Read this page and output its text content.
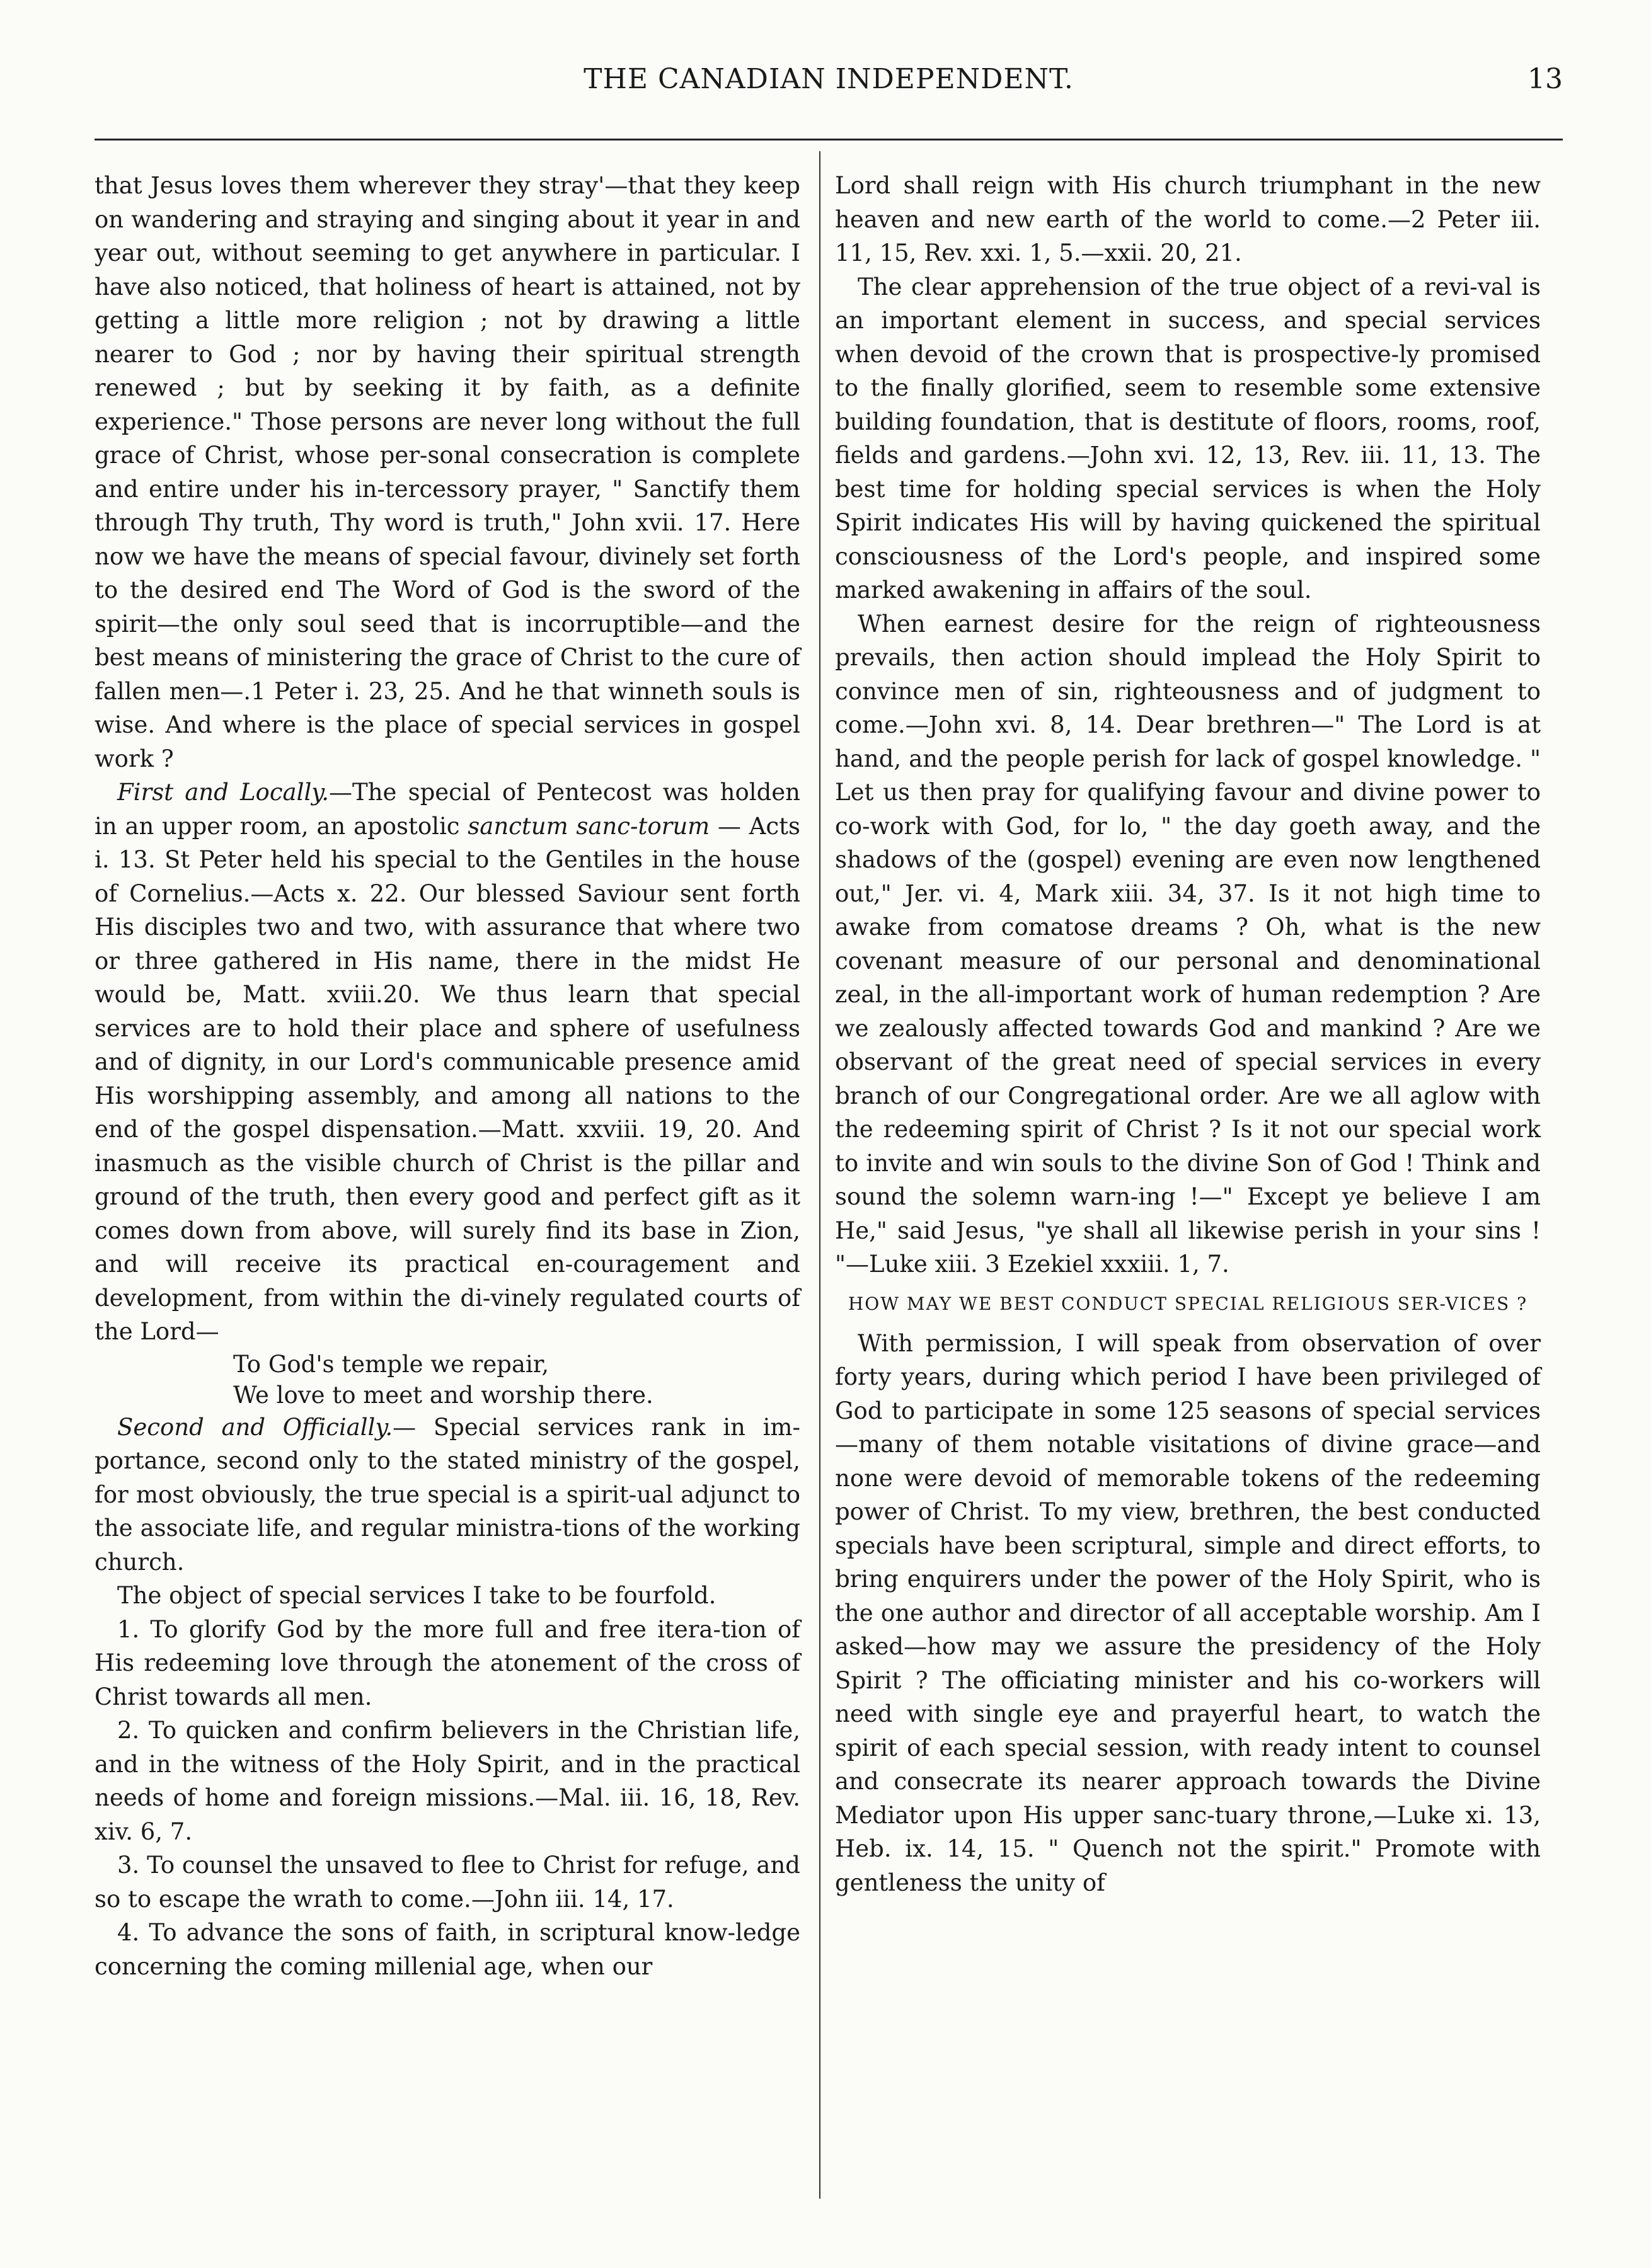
THE CANADIAN INDEPENDENT.	13

that Jesus loves them wherever they stray'—that they keep on wandering and straying and singing about it year in and year out, without seeming to get anywhere in particular. I have also noticed, that holiness of heart is attained, not by getting a little more religion ; not by drawing a little nearer to God ; nor by having their spiritual strength renewed ; but by seeking it by faith, as a definite experience." Those persons are never long without the full grace of Christ, whose per-sonal consecration is complete and entire under his in-tercessory prayer, " Sanctify them through Thy truth, Thy word is truth," John xvii. 17. Here now we have the means of special favour, divinely set forth to the desired end The Word of God is the sword of the spirit—the only soul seed that is incorruptible—and the best means of ministering the grace of Christ to the cure of fallen men—.1 Peter i. 23, 25. And he that winneth souls is wise. And where is the place of special services in gospel work ?

First and Locally.—The special of Pentecost was holden in an upper room, an apostolic sanctum sanc-torum — Acts i. 13. St Peter held his special to the Gentiles in the house of Cornelius.—Acts x. 22. Our blessed Saviour sent forth His disciples two and two, with assurance that where two or three gathered in His name, there in the midst He would be, Matt. xviii.20. We thus learn that special services are to hold their place and sphere of usefulness and of dignity, in our Lord's communicable presence amid His worshipping assembly, and among all nations to the end of the gospel dispensation.—Matt. xxviii. 19, 20. And inasmuch as the visible church of Christ is the pillar and ground of the truth, then every good and perfect gift as it comes down from above, will surely find its base in Zion, and will receive its practical en-couragement and development, from within the di-vinely regulated courts of the Lord—

To God's temple we repair,
We love to meet and worship there.

Second and Officially.— Special services rank in im-portance, second only to the stated ministry of the gospel, for most obviously, the true special is a spirit-ual adjunct to the associate life, and regular ministra-tions of the working church.

The object of special services I take to be fourfold.

1. To glorify God by the more full and free itera-tion of His redeeming love through the atonement of the cross of Christ towards all men.

2. To quicken and confirm believers in the Christian life, and in the witness of the Holy Spirit, and in the practical needs of home and foreign missions.—Mal. iii. 16, 18, Rev. xiv. 6, 7.

3. To counsel the unsaved to flee to Christ for refuge, and so to escape the wrath to come.—John iii. 14, 17.

4. To advance the sons of faith, in scriptural know-ledge concerning the coming millenial age, when our

Lord shall reign with His church triumphant in the new heaven and new earth of the world to come.—2 Peter iii. 11, 15, Rev. xxi. 1, 5.—xxii. 20, 21.

The clear apprehension of the true object of a revi-val is an important element in success, and special services when devoid of the crown that is prospective-ly promised to the finally glorified, seem to resemble some extensive building foundation, that is destitute of floors, rooms, roof, fields and gardens.—John xvi. 12, 13, Rev. iii. 11, 13. The best time for holding special services is when the Holy Spirit indicates His will by having quickened the spiritual consciousness of the Lord's people, and inspired some marked awakening in affairs of the soul.

When earnest desire for the reign of righteousness prevails, then action should implead the Holy Spirit to convince men of sin, righteousness and of judgment to come.—John xvi. 8, 14. Dear brethren—" The Lord is at hand, and the people perish for lack of gospel knowledge. " Let us then pray for qualifying favour and divine power to co-work with God, for lo, " the day goeth away, and the shadows of the (gospel) evening are even now lengthened out," Jer. vi. 4, Mark xiii. 34, 37. Is it not high time to awake from comatose dreams ? Oh, what is the new covenant measure of our personal and denominational zeal, in the all-important work of human redemption ? Are we zealously affected towards God and mankind ? Are we observant of the great need of special services in every branch of our Congregational order. Are we all aglow with the redeeming spirit of Christ ? Is it not our special work to invite and win souls to the divine Son of God ! Think and sound the solemn warn-ing !—" Except ye believe I am He," said Jesus, "ye shall all likewise perish in your sins ! "—Luke xiii. 3 Ezekiel xxxiii. 1, 7.

HOW MAY WE BEST CONDUCT SPECIAL RELIGIOUS SER-VICES ?

With permission, I will speak from observation of over forty years, during which period I have been privileged of God to participate in some 125 seasons of special services—many of them notable visitations of divine grace—and none were devoid of memorable tokens of the redeeming power of Christ. To my view, brethren, the best conducted specials have been scriptural, simple and direct efforts, to bring enquirers under the power of the Holy Spirit, who is the one author and director of all acceptable worship. Am I asked—how may we assure the presidency of the Holy Spirit ? The officiating minister and his co-workers will need with single eye and prayerful heart, to watch the spirit of each special session, with ready intent to counsel and consecrate its nearer approach towards the Divine Mediator upon His upper sanc-tuary throne,—Luke xi. 13, Heb. ix. 14, 15. " Quench not the spirit." Promote with gentleness the unity of
